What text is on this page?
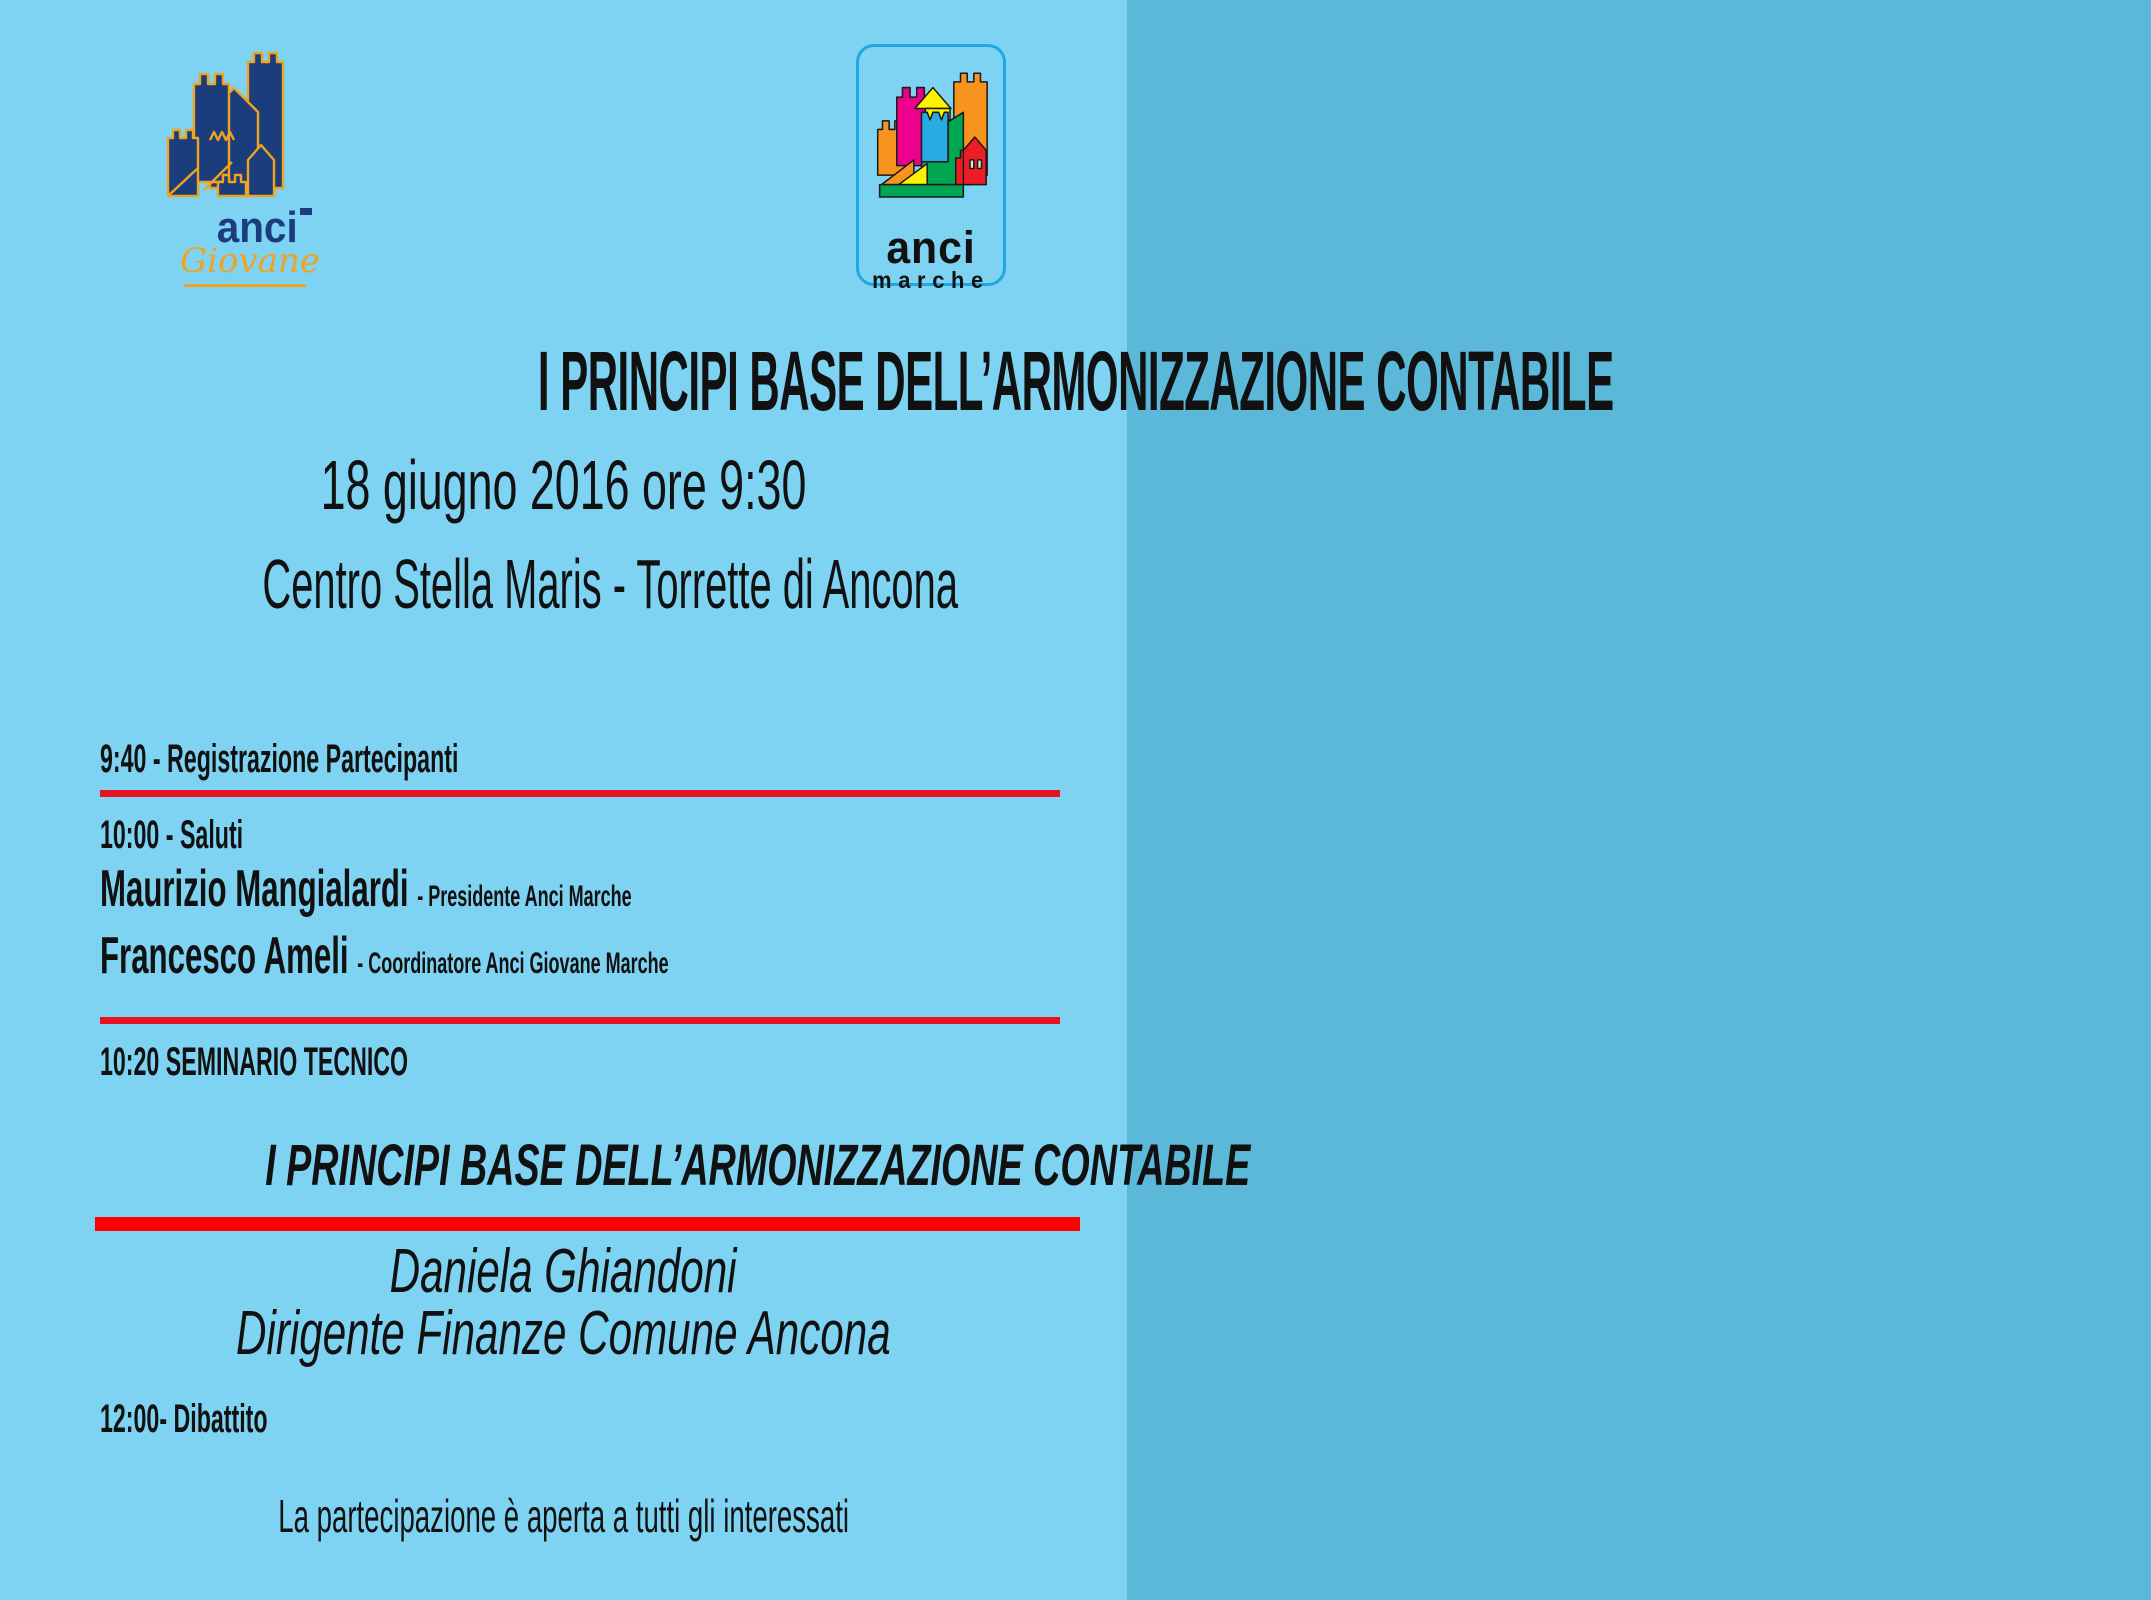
anci
Giovane	anci
marche
I PRINCIPI BASE DELL’ARMONIZZAZIONE CONTABILE
18 giugno 2016 ore 9:30
Centro Stella Maris - Torrette di Ancona
9:40 - Registrazione Partecipanti
10:00 - Saluti
Maurizio Mangialardi - Presidente Anci Marche
Francesco Ameli - Coordinatore Anci Giovane Marche
10:20 SEMINARIO TECNICO
I PRINCIPI BASE DELL’ARMONIZZAZIONE CONTABILE
Daniela Ghiandoni
Dirigente Finanze Comune Ancona
12:00- Dibattito
La partecipazione è aperta a tutti gli interessati
